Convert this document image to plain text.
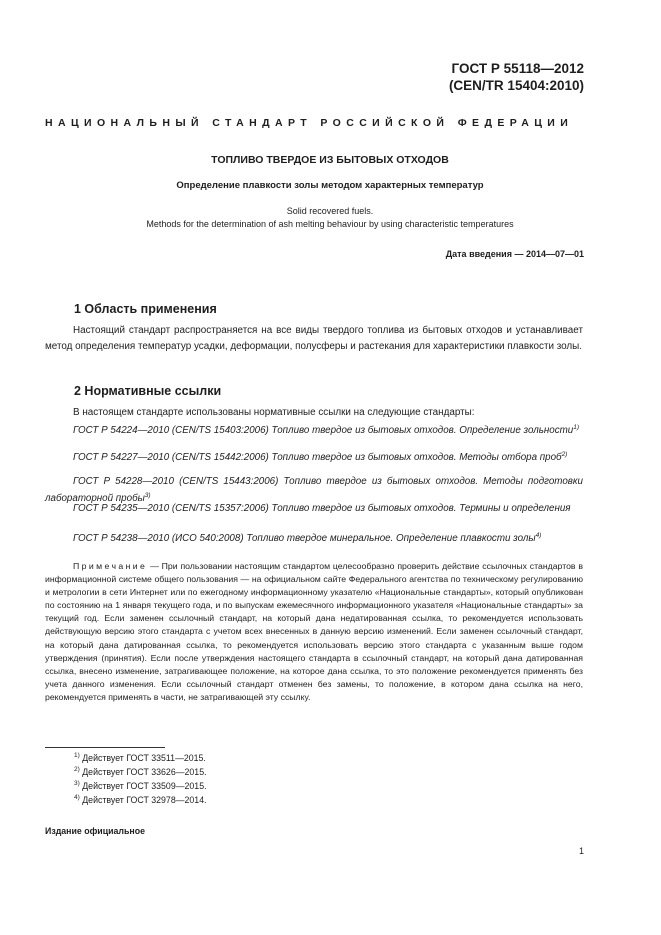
ГОСТ Р 55118—2012
(CEN/TR 15404:2010)
НАЦИОНАЛЬНЫЙ СТАНДАРТ РОССИЙСКОЙ ФЕДЕРАЦИИ
ТОПЛИВО ТВЕРДОЕ ИЗ БЫТОВЫХ ОТХОДОВ
Определение плавкости золы методом характерных температур
Solid recovered fuels.
Methods for the determination of ash melting behaviour by using characteristic temperatures
Дата введения — 2014—07—01
1 Область применения
Настоящий стандарт распространяется на все виды твердого топлива из бытовых отходов и устанавливает метод определения температур усадки, деформации, полусферы и растекания для характеристики плавкости золы.
2 Нормативные ссылки
В настоящем стандарте использованы нормативные ссылки на следующие стандарты:
ГОСТ Р 54224—2010 (CEN/TS 15403:2006) Топливо твердое из бытовых отходов. Определение зольности$^{1)}$
ГОСТ Р 54227—2010 (CEN/TS 15442:2006) Топливо твердое из бытовых отходов. Методы отбора проб$^{2)}$
ГОСТ Р 54228—2010 (CEN/TS 15443:2006) Топливо твердое из бытовых отходов. Методы подготовки лабораторной пробы$^{3)}$
ГОСТ Р 54235—2010 (CEN/TS 15357:2006) Топливо твердое из бытовых отходов. Термины и определения
ГОСТ Р 54238—2010 (ИСО 540:2008) Топливо твердое минеральное. Определение плавкости золы$^{4)}$
Примечание — При пользовании настоящим стандартом целесообразно проверить действие ссылочных стандартов в информационной системе общего пользования — на официальном сайте Федерального агентства по техническому регулированию и метрологии в сети Интернет или по ежегодному информационному указателю «Национальные стандарты», который опубликован по состоянию на 1 января текущего года, и по выпускам ежемесячного информационного указателя «Национальные стандарты» за текущий год. Если заменен ссылочный стандарт, на который дана недатированная ссылка, то рекомендуется использовать действующую версию этого стандарта с учетом всех внесенных в данную версию изменений. Если заменен ссылочный стандарт, на который дана датированная ссылка, то рекомендуется использовать версию этого стандарта с указанным выше годом утверждения (принятия). Если после утверждения настоящего стандарта в ссылочный стандарт, на который дана датированная ссылка, внесено изменение, затрагивающее положение, на которое дана ссылка, то это положение рекомендуется применять без учета данного изменения. Если ссылочный стандарт отменен без замены, то положение, в котором дана ссылка на него, рекомендуется применять в части, не затрагивающей эту ссылку.
$^{1)}$ Действует ГОСТ 33511—2015.
$^{2)}$ Действует ГОСТ 33626—2015.
$^{3)}$ Действует ГОСТ 33509—2015.
$^{4)}$ Действует ГОСТ 32978—2014.
Издание официальное
1
